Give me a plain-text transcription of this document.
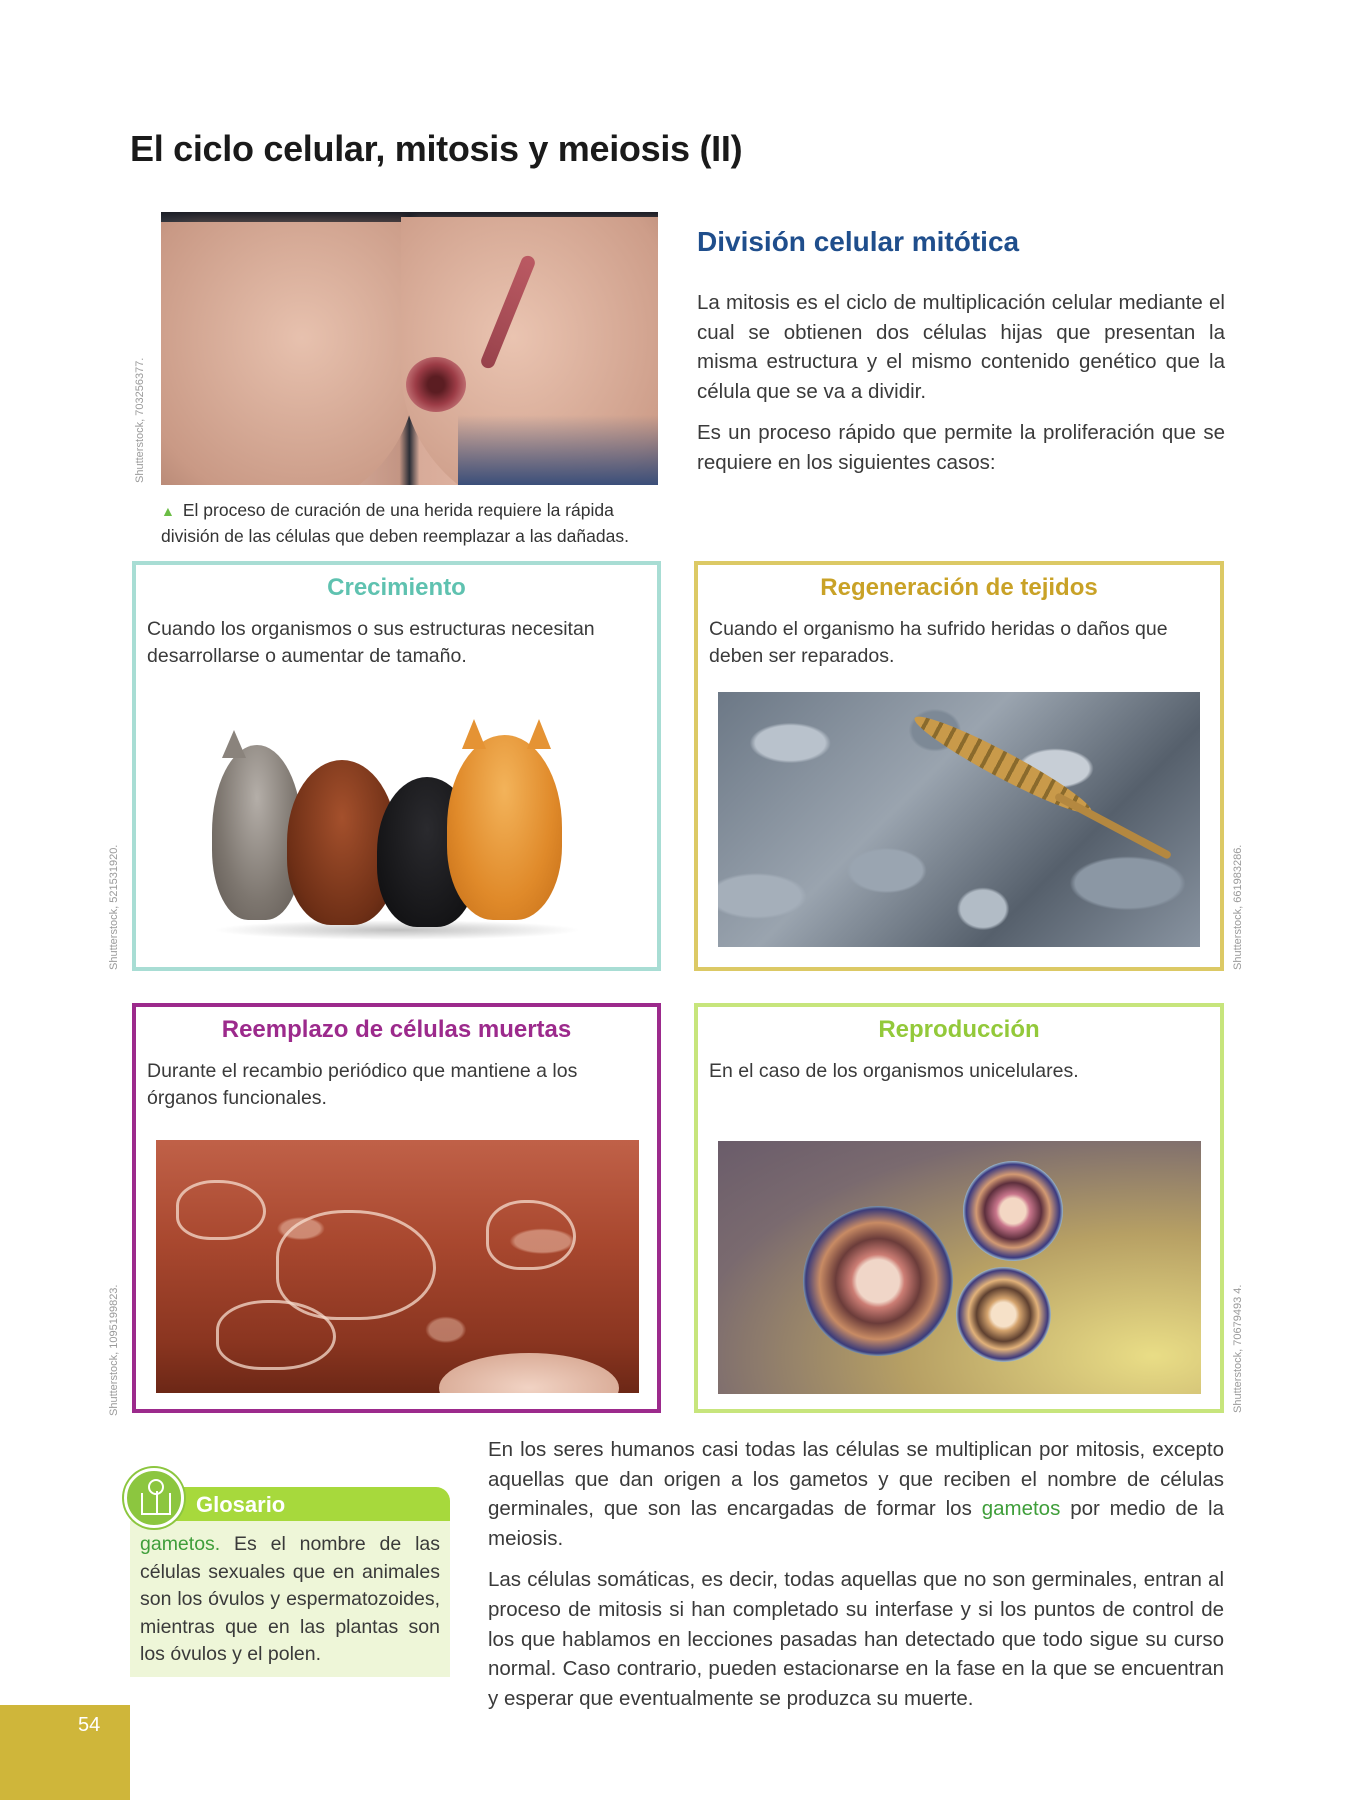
El ciclo celular, mitosis y meiosis (II)
Shutterstock, 703256377.

▲ El proceso de curación de una herida requiere la rápida división de las células que deben reemplazar a las dañadas.

División celular mitótica

La mitosis es el ciclo de multiplicación celular mediante el cual se obtienen dos células hijas que presentan la misma estructura y el mismo contenido genético que la célula que se va a dividir.

Es un proceso rápido que permite la proliferación que se requiere en los siguientes casos:

Shutterstock, 521531920.
Crecimiento
Cuando los organismos o sus estructuras necesitan desarrollarse o aumentar de tamaño.
Shutterstock, 661983286.
Regeneración de tejidos
Cuando el organismo ha sufrido heridas o daños que deben ser reparados.
Shutterstock, 1095199823.
Reemplazo de células muertas
Durante el recambio periódico que mantiene a los órganos funcionales.
Shutterstock, 70679493 4.
Reproducción
En el caso de los organismos unicelulares.
Glosario

gametos. Es el nombre de las células sexuales que en animales son los óvulos y espermatozoides, mientras que en las plantas son los óvulos y el polen.

En los seres humanos casi todas las células se multiplican por mitosis, excepto aquellas que dan origen a los gametos y que reciben el nombre de células germinales, que son las encargadas de formar los gametos por medio de la meiosis.

Las células somáticas, es decir, todas aquellas que no son germinales, entran al proceso de mitosis si han completado su interfase y si los puntos de control de los que hablamos en lecciones pasadas han detectado que todo sigue su curso normal. Caso contrario, pueden estacionarse en la fase en la que se encuentran y esperar que eventualmente se produzca su muerte.

54
